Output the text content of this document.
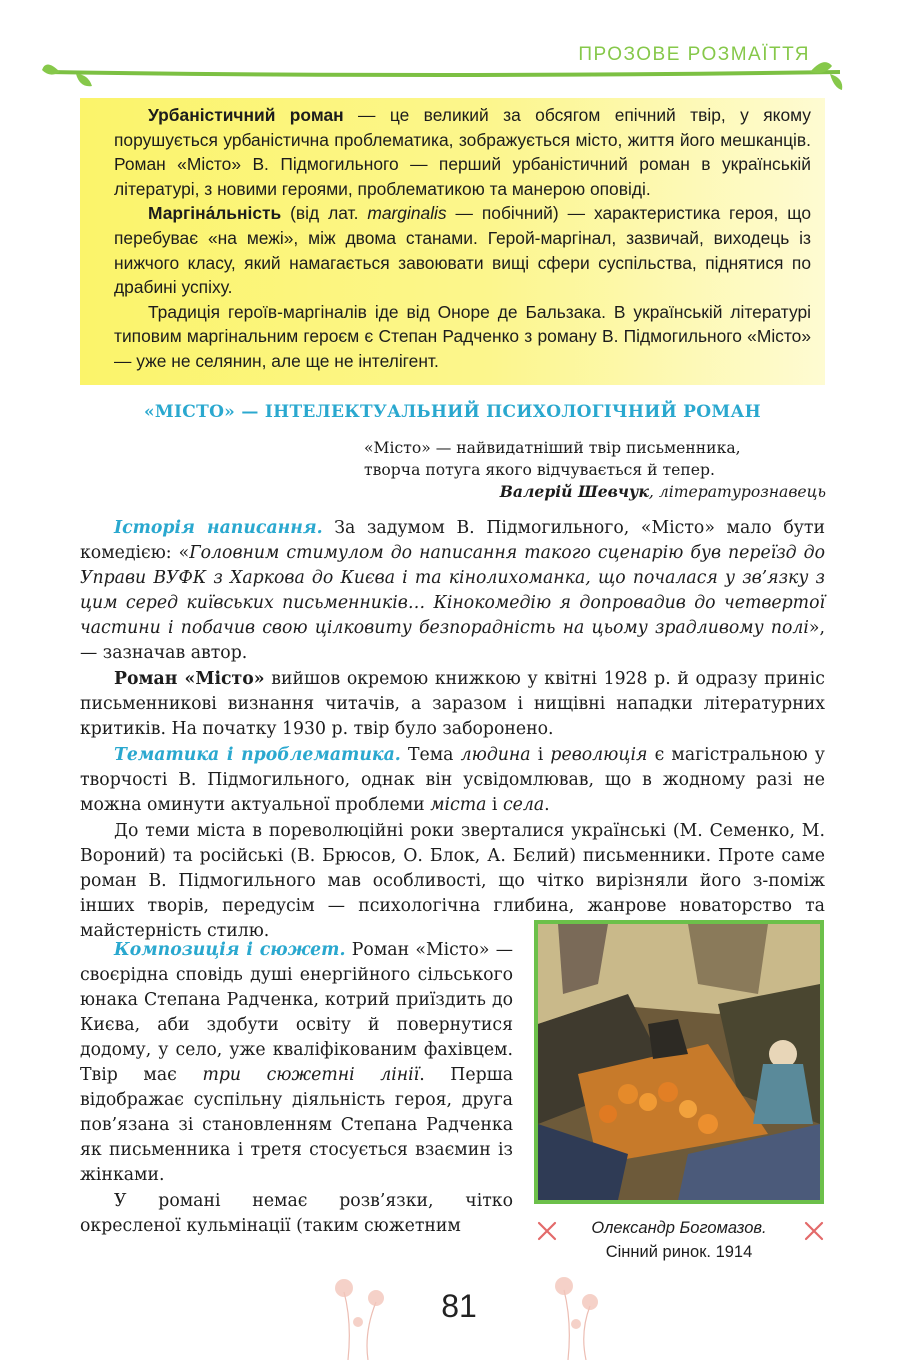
ПРОЗОВЕ РОЗМАЇТТЯ

Урбаністичний роман — це великий за обсягом епічний твір, у якому порушується урбаністична проблематика, зображується місто, життя його мешканців. Роман «Місто» В. Підмогильного — перший урбаністичний роман в українській літературі, з новими героями, проблематикою та манерою оповіді.

Маргіна́льність (від лат. marginalis — побічний) — характеристика героя, що перебуває «на межі», між двома станами. Герой-маргінал, зазвичай, виходець із нижчого класу, який намагається завоювати вищі сфери суспільства, піднятися по драбині успіху.

Традиція героїв-маргіналів іде від Оноре де Бальзака. В українській літературі типовим маргінальним героєм є Степан Радченко з роману В. Підмогильного «Місто» — уже не селянин, але ще не інтелігент.

«МІСТО» — ІНТЕЛЕКТУАЛЬНИЙ ПСИХОЛОГІЧНИЙ РОМАН
«Місто» — найвидатніший твір письменника,
творча потуга якого відчувається й тепер.
Валерій Шевчук, літературознавець

Історія написання. За задумом В. Підмогильного, «Місто» мало бути комедією: «Головним стимулом до написання такого сценарію був переїзд до Управи ВУФК з Харкова до Києва і та кінолихоманка, що почалася у зв’язку з цим серед київських письменників… Кінокомедію я допровадив до четвертої частини і побачив свою цілковиту безпорадність на цьому зрадливому полі», — зазначав автор.

Роман «Місто» вийшов окремою книжкою у квітні 1928 р. й одразу приніс письменникові визнання читачів, а заразом і нищівні нападки літературних критиків. На початку 1930 р. твір було заборонено.

Тематика і проблематика. Тема людина і революція є магістральною у творчості В. Підмогильного, однак він усвідомлював, що в жодному разі не можна оминути актуальної проблеми міста і села.

До теми міста в пореволюційні роки зверталися українські (М. Семенко, М. Вороний) та російські (В. Брюсов, О. Блок, А. Бєлий) письменники. Проте саме роман В. Підмогильного мав особливості, що чітко вирізняли його з-поміж інших творів, передусім — психологічна глибина, жанрове новаторство та майстерність стилю.

Композиція і сюжет. Роман «Місто» — своєрідна сповідь душі енергійного сільського юнака Степана Радченка, котрий приїздить до Києва, аби здобути освіту й повернутися додому, у село, уже кваліфікованим фахівцем. Твір має три сюжетні лінії. Перша відображає суспільну діяльність героя, друга пов’язана зі становленням Степана Радченка як письменника і третя стосується взаємин із жінками.

У романі немає розв’язки, чітко окресленої кульмінації (таким сюжетним	Олександр Богомазов.
Сінний ринок. 1914
81
